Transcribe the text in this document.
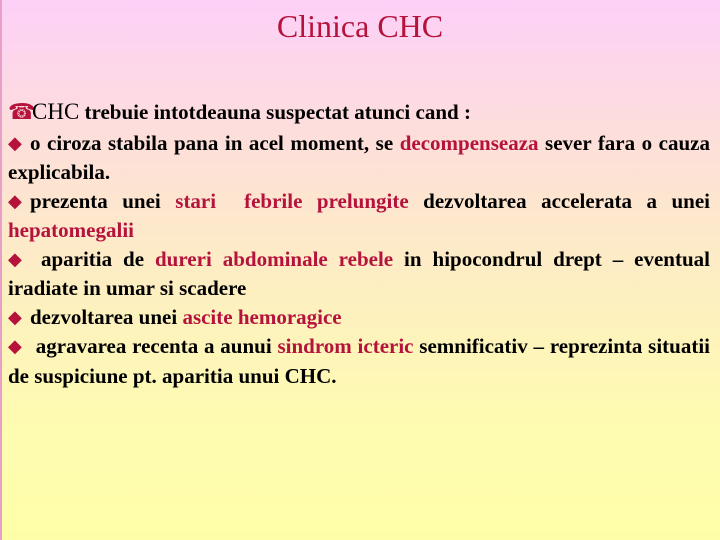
Clinica CHC
☎CHC trebuie intotdeauna suspectat atunci cand :
◆ o ciroza stabila pana in acel moment, se decompenseaza sever fara o cauza explicabila.
◆ prezenta unei stari febrile prelungite dezvoltarea accelerata a unei hepatomegalii
◆ aparitia de dureri abdominale rebele in hipocondrul drept – eventual iradiate in umar si scadere
◆ dezvoltarea unei ascite hemoragice
◆ agravarea recenta a aunui sindrom icteric semnificativ – reprezinta situatii de suspiciune pt. aparitia unui CHC.
